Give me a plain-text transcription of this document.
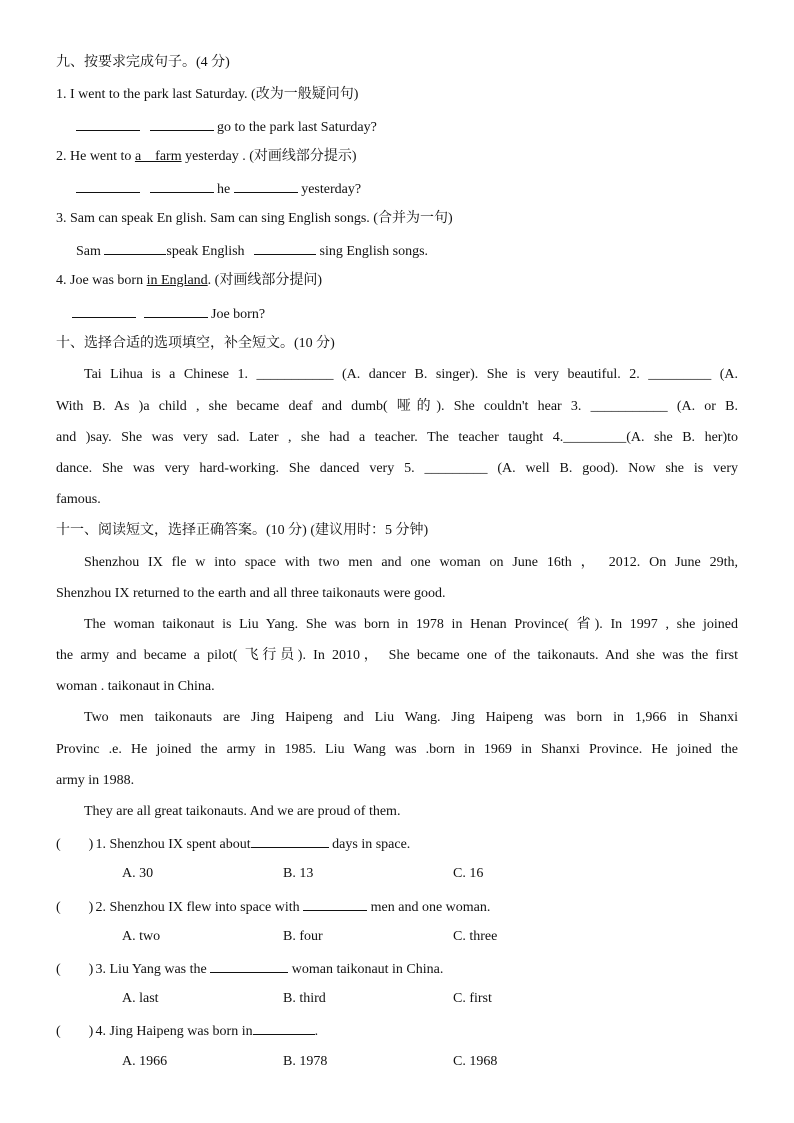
九、按要求完成句子。(4 分)
1. I went to the park last Saturday. (改为一般疑问句)
go to the park last Saturday?
2. He went to a    farm yesterday . (对画线部分提示)
he	yesterday?
3. Sam can speak En glish. Sam can sing English songs. (合并为一句)
Sam	speak English	sing English songs.
4. Joe was born in England. (对画线部分提问)
Joe born?
十、选择合适的选项填空，补全短文。(10 分)
Tai Lihua is a Chinese 1. ___________ (A. dancer B. singer). She is very beautiful. 2. _________ (A.
With B. As )a child , she became deaf and dumb( 哑的). She couldn't hear 3. ___________ (A. or B.
and )say. She was very sad. Later , she had a teacher. The teacher taught 4._________(A. she B. her)to
dance. She was very hard-working. She danced very 5. _________ (A. well B. good). Now she is very
famous.
十一、阅读短文，选择正确答案。(10 分) (建议用时：5 分钟)
Shenzhou IX fle w into space with two men and one woman on June 16th ， 2012. On June 29th,
Shenzhou IX returned to the earth and all three taikonauts were good.
The woman taikonaut is Liu Yang. She was born in 1978 in Henan Province( 省). In 1997 , she joined
the army and became a pilot( 飞行员). In 2010， She became one of the taikonauts. And she was the first
woman . taikonaut in China.
Two men taikonauts are Jing Haipeng and Liu Wang. Jing Haipeng was born in 1,966 in Shanxi
Provinc .e. He joined the army in 1985. Liu Wang was .born in 1969 in Shanxi Province. He joined the
army in 1988.
They are all great taikonauts. And we are proud of them.
(        ) 1. Shenzhou IX spent about	days in space.
A. 30	B. 13	C. 16
(        ) 2. Shenzhou IX flew into space with	men and one woman.
A. two	B. four	C. three
(        ) 3. Liu Yang was the	woman taikonaut in China.
A. last	B. third	C. first
(        ) 4. Jing Haipeng was born in	.
A. 1966	B. 1978	C. 1968
